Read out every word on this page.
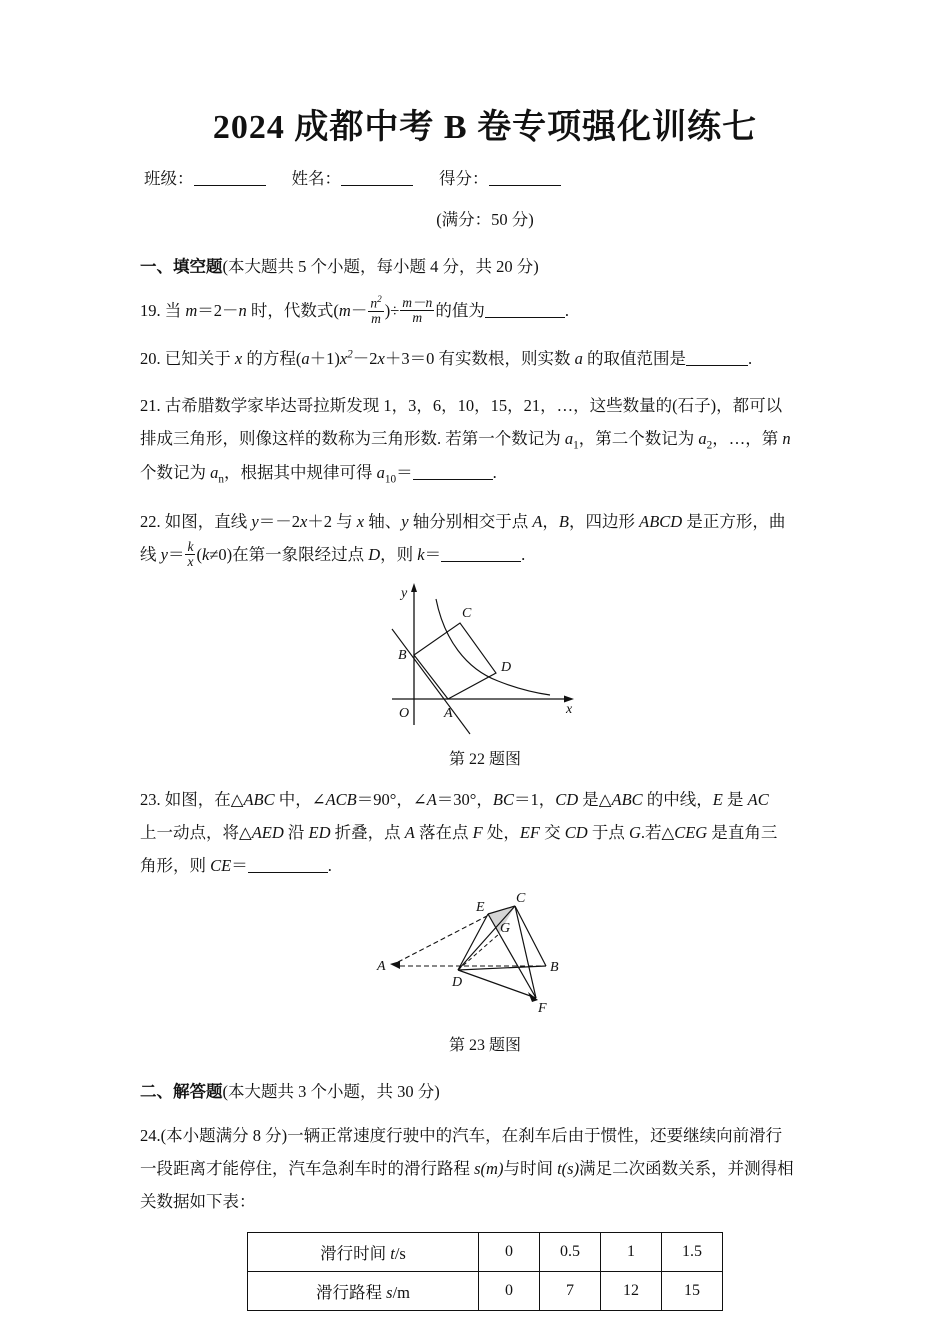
2024 成都中考 B 卷专项强化训练七
班级：	姓名：	得分：
(满分：50 分)
一、填空题(本大题共 5 个小题，每小题 4 分，共 20 分)
19. 当 m＝2－n 时，代数式($m- \frac{n^2}{m}$ )÷ $\frac{m-n}{m}$ 的值为	.
20. 已知关于 x 的方程$(a+1)x^2-2x+3=0$ 有实数根，则实数 a 的取值范围是	.
21. 古希腊数学家毕达哥拉斯发现 1，3，6，10，15，21，…，这些数量的(石子)，都可以
排成三角形，则像这样的数称为三角形数. 若第一个数记为 $a_1$，第二个数记为 $a_2$，…，第 n
个数记为 $a_n$，根据其中规律可得 $a_{10}=$	.
22. 如图，直线 y＝－2x＋2 与 x 轴、y 轴分别相交于点 A，B，四边形 ABCD 是正方形，曲
线 $y= \frac{k}{x} (k\ne 0)$在第一象限经过点 D，则 k＝	.
A
B
C
D
O	x
y
第 22 题图
23. 如图，在△ABC 中，∠ACB＝90°，∠A＝30°，BC＝1，CD 是△ABC 的中线，E 是 AC
上一动点，将△AED 沿 ED 折叠，点 A 落在点 F 处，EF 交 CD 于点 G.若△CEG 是直角三
角形，则 CE＝	.
A	B
C
D
E
F
G
第 23 题图
二、解答题(本大题共 3 个小题，共 30 分)
24.(本小题满分 8 分)一辆正常速度行驶中的汽车，在刹车后由于惯性，还要继续向前滑行
一段距离才能停住，汽车急刹车时的滑行路程 s(m)与时间 t(s)满足二次函数关系，并测得相
关数据如下表：
滑行时间 t/s	0	0.5	1	1.5
滑行路程 s/m	0	7	12	15
